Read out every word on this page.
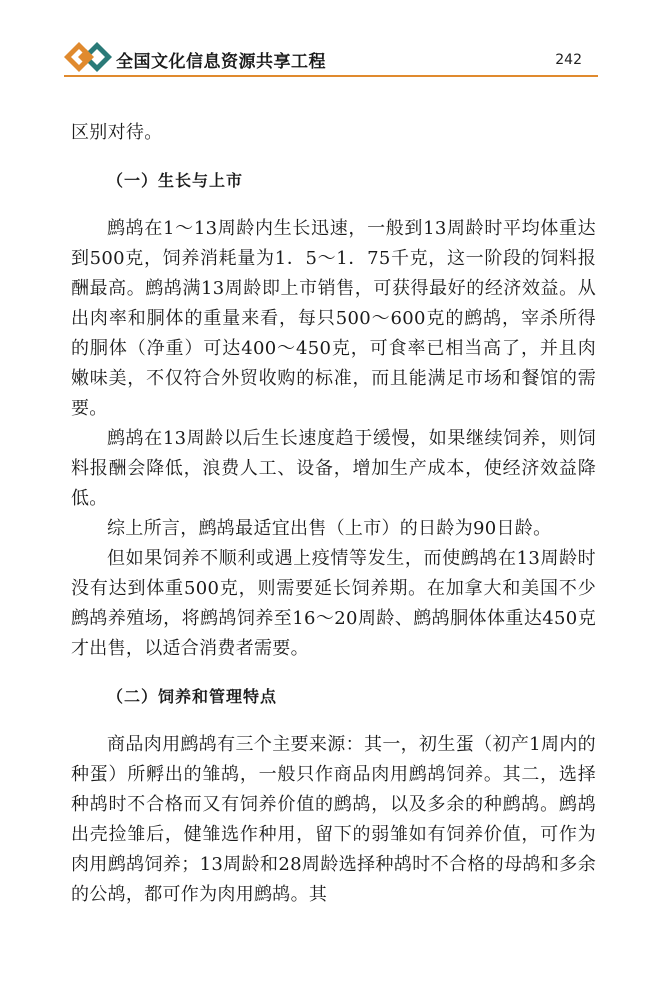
全国文化信息资源共享工程	242

区别对待。

（一）生长与上市

鹧鸪在1～13周龄内生长迅速，一般到13周龄时平均体重达到500克，饲养消耗量为1．5～1．75千克，这一阶段的饲料报酬最高。鹧鸪满13周龄即上市销售，可获得最好的经济效益。从出肉率和胴体的重量来看，每只500～600克的鹧鸪，宰杀所得的胴体（净重）可达400～450克，可食率已相当高了，并且肉嫩味美，不仅符合外贸收购的标准，而且能满足市场和餐馆的需要。

鹧鸪在13周龄以后生长速度趋于缓慢，如果继续饲养，则饲料报酬会降低，浪费人工、设备，增加生产成本，使经济效益降低。

综上所言，鹧鸪最适宜出售（上市）的日龄为90日龄。

但如果饲养不顺利或遇上疫情等发生，而使鹧鸪在13周龄时没有达到体重500克，则需要延长饲养期。在加拿大和美国不少鹧鸪养殖场，将鹧鸪饲养至16～20周龄、鹧鸪胴体体重达450克才出售，以适合消费者需要。

（二）饲养和管理特点

商品肉用鹧鸪有三个主要来源：其一，初生蛋（初产1周内的种蛋）所孵出的雏鸪，一般只作商品肉用鹧鸪饲养。其二，选择种鸪时不合格而又有饲养价值的鹧鸪，以及多余的种鹧鸪。鹧鸪出壳捡雏后，健雏选作种用，留下的弱雏如有饲养价值，可作为肉用鹧鸪饲养；13周龄和28周龄选择种鸪时不合格的母鸪和多余的公鸪，都可作为肉用鹧鸪。其
